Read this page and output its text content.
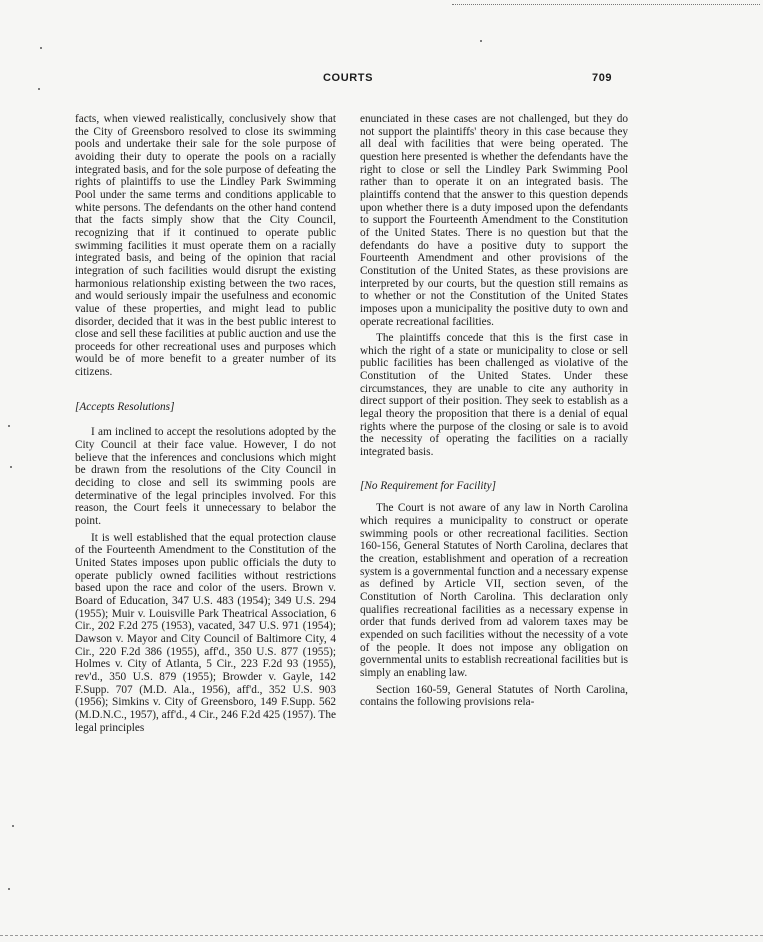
COURTS	709

facts, when viewed realistically, conclusively show that the City of Greensboro resolved to close its swimming pools and undertake their sale for the sole purpose of avoiding their duty to operate the pools on a racially integrated basis, and for the sole purpose of defeating the rights of plaintiffs to use the Lindley Park Swimming Pool under the same terms and conditions applicable to white persons. The defendants on the other hand contend that the facts simply show that the City Council, recognizing that if it continued to operate public swimming facilities it must operate them on a racially integrated basis, and being of the opinion that racial integration of such facilities would disrupt the existing harmonious relationship existing between the two races, and would seriously impair the usefulness and economic value of these properties, and might lead to public disorder, decided that it was in the best public interest to close and sell these facilities at public auction and use the proceeds for other recreational uses and purposes which would be of more benefit to a greater number of its citizens.

[Accepts Resolutions]

I am inclined to accept the resolutions adopted by the City Council at their face value. However, I do not believe that the inferences and conclusions which might be drawn from the resolutions of the City Council in deciding to close and sell its swimming pools are determinative of the legal principles involved. For this reason, the Court feels it unnecessary to belabor the point.

It is well established that the equal protection clause of the Fourteenth Amendment to the Constitution of the United States imposes upon public officials the duty to operate publicly owned facilities without restrictions based upon the race and color of the users. Brown v. Board of Education, 347 U.S. 483 (1954); 349 U.S. 294 (1955); Muir v. Louisville Park Theatrical Association, 6 Cir., 202 F.2d 275 (1953), vacated, 347 U.S. 971 (1954); Dawson v. Mayor and City Council of Baltimore City, 4 Cir., 220 F.2d 386 (1955), aff'd., 350 U.S. 877 (1955); Holmes v. City of Atlanta, 5 Cir., 223 F.2d 93 (1955), rev'd., 350 U.S. 879 (1955); Browder v. Gayle, 142 F.Supp. 707 (M.D. Ala., 1956), aff'd., 352 U.S. 903 (1956); Simkins v. City of Greensboro, 149 F.Supp. 562 (M.D.N.C., 1957), aff'd., 4 Cir., 246 F.2d 425 (1957). The legal principles

enunciated in these cases are not challenged, but they do not support the plaintiffs' theory in this case because they all deal with facilities that were being operated. The question here presented is whether the defendants have the right to close or sell the Lindley Park Swimming Pool rather than to operate it on an integrated basis. The plaintiffs contend that the answer to this question depends upon whether there is a duty imposed upon the defendants to support the Fourteenth Amendment to the Constitution of the United States. There is no question but that the defendants do have a positive duty to support the Fourteenth Amendment and other provisions of the Constitution of the United States, as these provisions are interpreted by our courts, but the question still remains as to whether or not the Constitution of the United States imposes upon a municipality the positive duty to own and operate recreational facilities.

The plaintiffs concede that this is the first case in which the right of a state or municipality to close or sell public facilities has been challenged as violative of the Constitution of the United States. Under these circumstances, they are unable to cite any authority in direct support of their position. They seek to establish as a legal theory the proposition that there is a denial of equal rights where the purpose of the closing or sale is to avoid the necessity of operating the facilities on a racially integrated basis.

[No Requirement for Facility]

The Court is not aware of any law in North Carolina which requires a municipality to construct or operate swimming pools or other recreational facilities. Section 160-156, General Statutes of North Carolina, declares that the creation, establishment and operation of a recreation system is a governmental function and a necessary expense as defined by Article VII, section seven, of the Constitution of North Carolina. This declaration only qualifies recreational facilities as a necessary expense in order that funds derived from ad valorem taxes may be expended on such facilities without the necessity of a vote of the people. It does not impose any obligation on governmental units to establish recreational facilities but is simply an enabling law.

Section 160-59, General Statutes of North Carolina, contains the following provisions rela-
